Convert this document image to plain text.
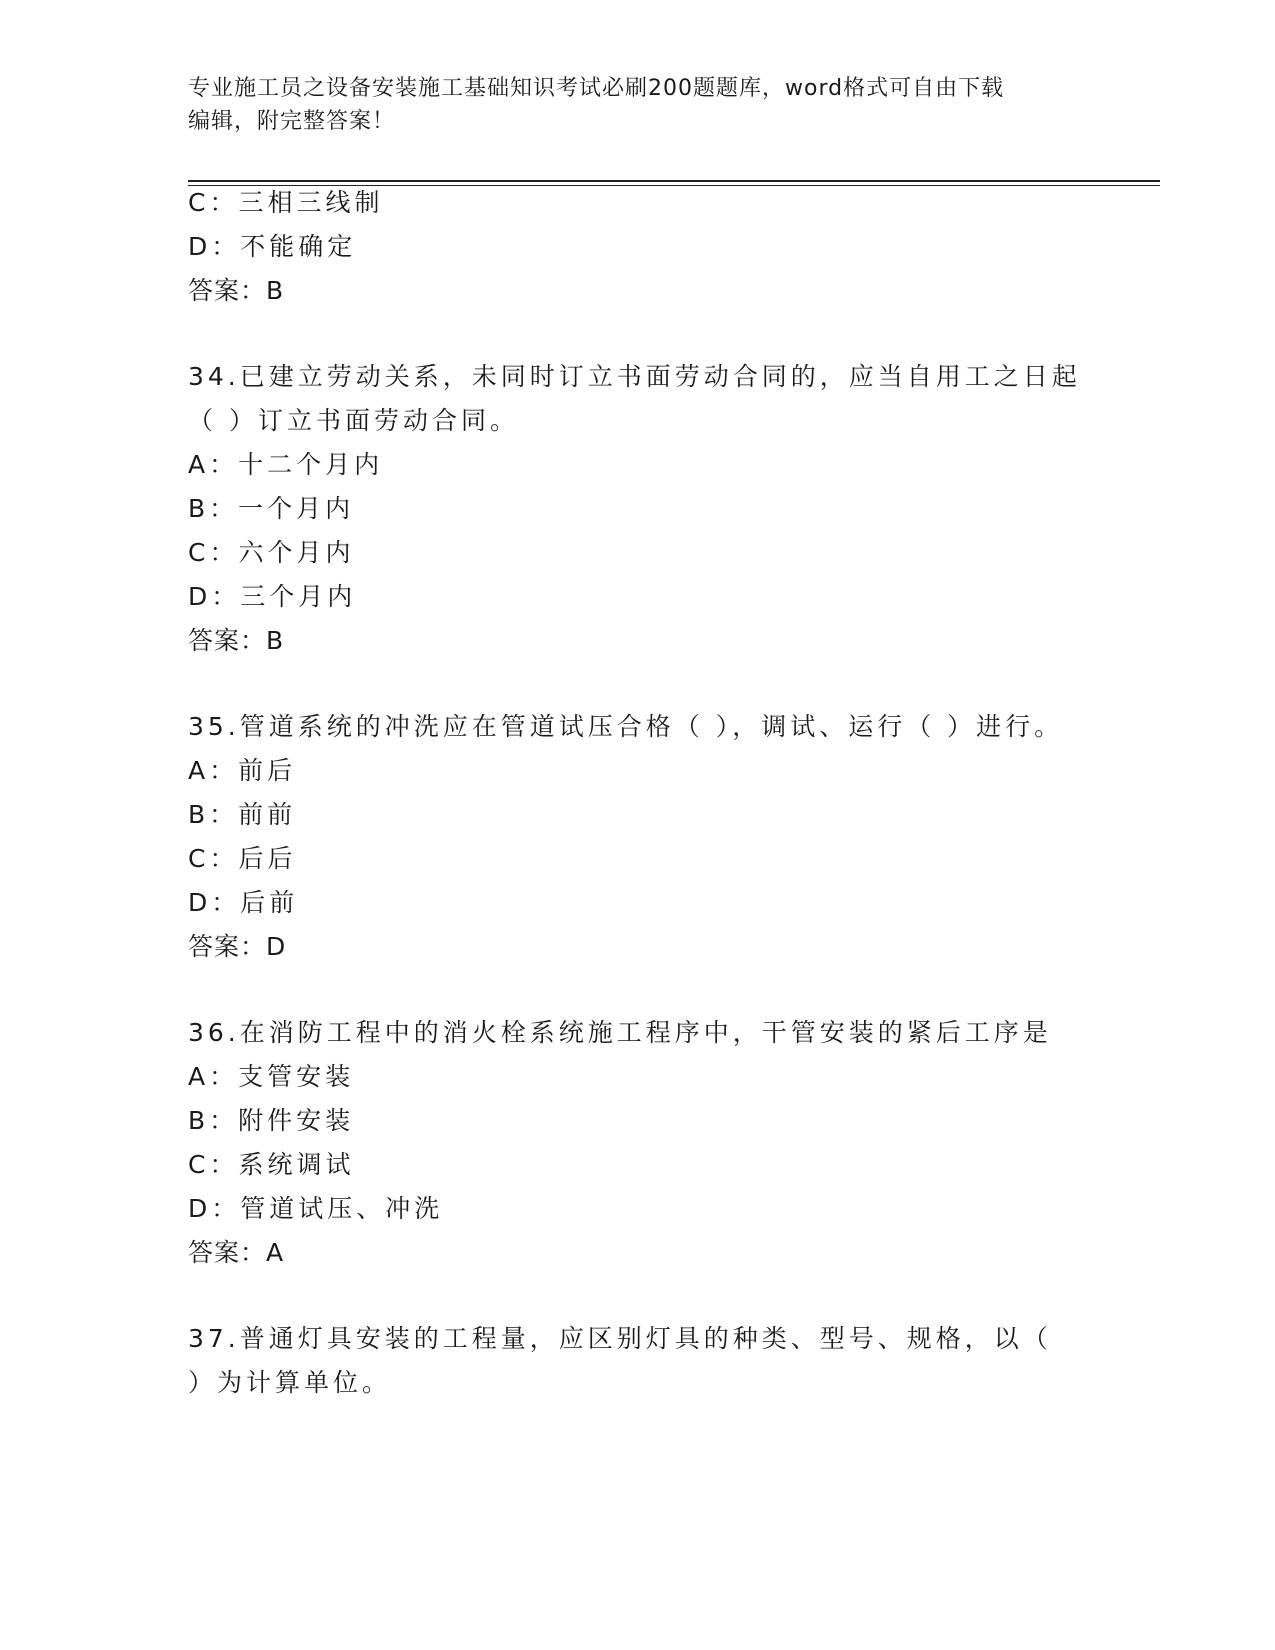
专业施工员之设备安装施工基础知识考试必刷200题题库，word格式可自由下载
编辑，附完整答案！
C：三相三线制
D：不能确定
答案：B
34.已建立劳动关系，未同时订立书面劳动合同的，应当自用工之日起
（ ）订立书面劳动合同。
A：十二个月内
B：一个月内
C：六个月内
D：三个月内
答案：B
35.管道系统的冲洗应在管道试压合格（ ），调试、运行（ ）进行。
A：前后
B：前前
C：后后
D：后前
答案：D
36.在消防工程中的消火栓系统施工程序中，干管安装的紧后工序是
A：支管安装
B：附件安装
C：系统调试
D：管道试压、冲洗
答案：A
37.普通灯具安装的工程量，应区别灯具的种类、型号、规格，以（
）为计算单位。
